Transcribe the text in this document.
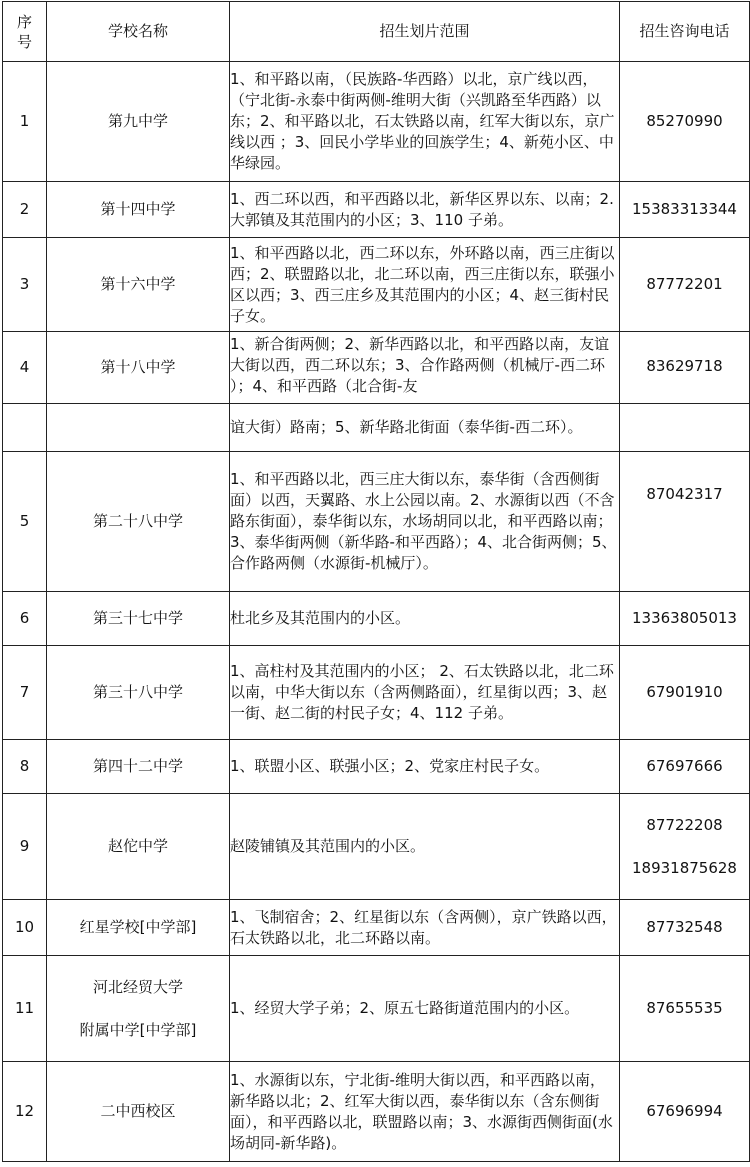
序号	学校名称	招生划片范围	招生咨询电话
1	第九中学	1、和平路以南，（民族路-华西路）以北，京广线以西，（宁北街-永泰中街两侧-维明大街（兴凯路至华西路）以东；2、和平路以北，石太铁路以南，红军大街以东，京广线以西 ；3、回民小学毕业的回族学生；4、新苑小区、中华绿园。	85270990
2	第十四中学	1、西二环以西，和平西路以北，新华区界以东、以南；2.大郭镇及其范围内的小区；3、110 子弟。	15383313344
3	第十六中学	1、和平西路以北，西二环以东，外环路以南，西三庄街以西；2、联盟路以北，北二环以南，西三庄街以东，联强小区以西；3、西三庄乡及其范围内的小区；4、赵三街村民子女。	87772201
4	第十八中学	1、新合街两侧；2、新华西路以北，和平西路以南，友谊大街以西，西二环以东；3、合作路两侧（机械厅-西二环 ）；4、和平西路（北合街-友	83629718

		谊大街）路南；5、新华路北街面（泰华街-西二环）。	

5	第二十八中学	1、和平西路以北，西三庄大街以东，泰华街（含西侧街面）以西，天翼路、水上公园以南。2、水源街以西（不含路东街面），泰华街以东，水场胡同以北，和平西路以南；3、泰华街两侧（新华路-和平西路）；4、北合街两侧；5、合作路两侧（水源街-机械厅）。	87042317
6	第三十七中学	杜北乡及其范围内的小区。	13363805013
7	第三十八中学	1、高柱村及其范围内的小区； 2、石太铁路以北，北二环以南，中华大街以东（含两侧路面），红星街以西；3、赵一街、赵二街的村民子女；4、112 子弟。	67901910
8	第四十二中学	1、联盟小区、联强小区；2、党家庄村民子女。	67697666
9	赵佗中学	赵陵铺镇及其范围内的小区。	87722208
18931875628

10	红星学校[中学部]	1、飞制宿舍；2、红星街以东（含两侧），京广铁路以西，石太铁路以北，北二环路以南。	87732548
11	河北经贸大学
附属中学[中学部]	1、经贸大学子弟；2、原五七路街道范围内的小区。	87655535
12	二中西校区	1、水源街以东，宁北街-维明大街以西，和平西路以南，新华路以北；2、红军大街以西，泰华街以东（含东侧街面），和平西路以北，联盟路以南；3、水源街西侧街面(水场胡同-新华路)。	67696994
